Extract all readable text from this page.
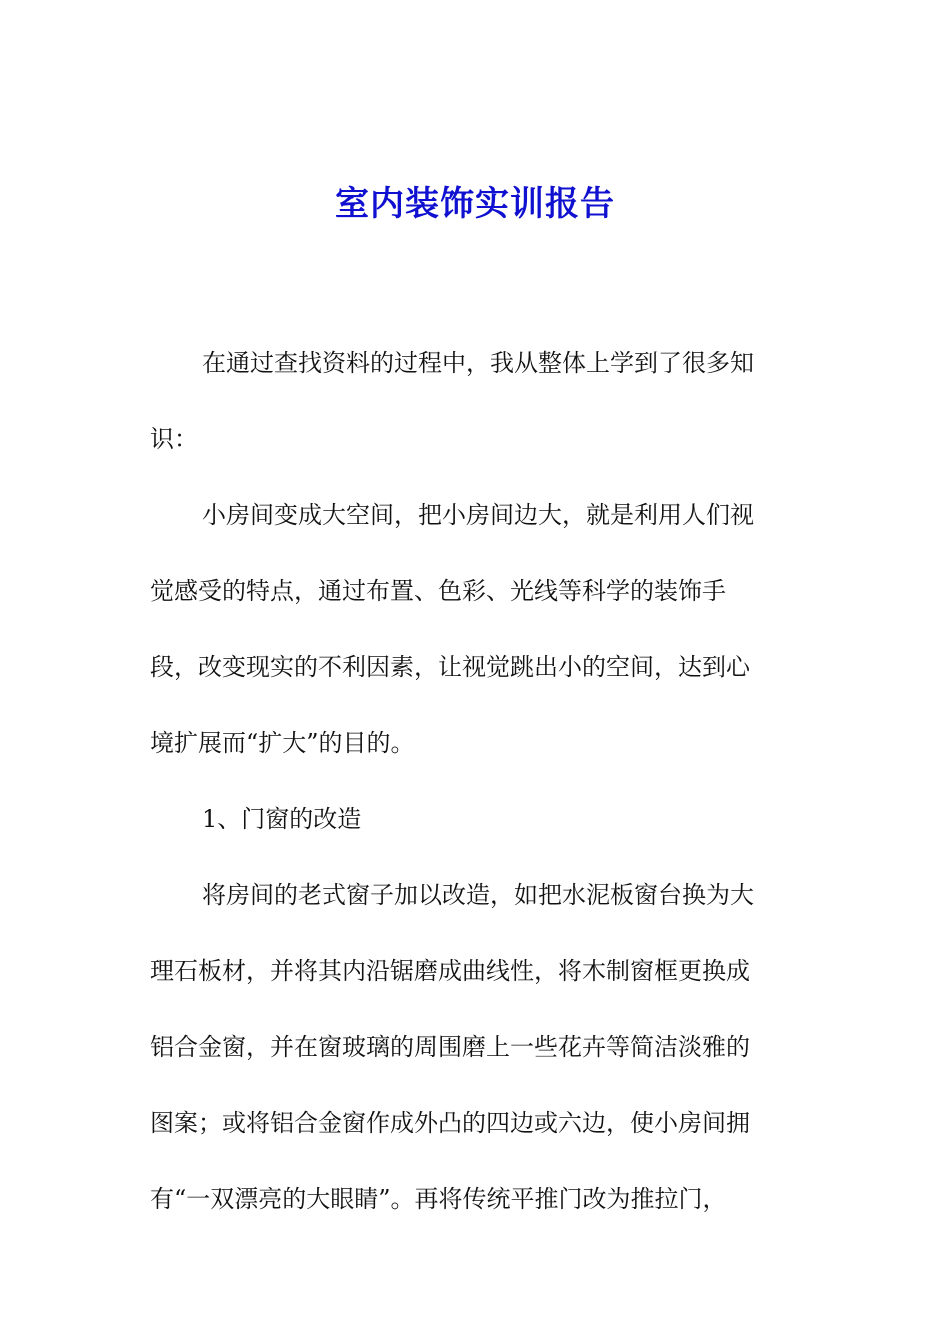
室内装饰实训报告
在通过查找资料的过程中，我从整体上学到了很多知
识：
小房间变成大空间，把小房间边大，就是利用人们视
觉感受的特点，通过布置、色彩、光线等科学的装饰手
段，改变现实的不利因素，让视觉跳出小的空间，达到心
境扩展而“扩大”的目的。
1、门窗的改造
将房间的老式窗子加以改造，如把水泥板窗台换为大
理石板材，并将其内沿锯磨成曲线性，将木制窗框更换成
铝合金窗，并在窗玻璃的周围磨上一些花卉等简洁淡雅的
图案；或将铝合金窗作成外凸的四边或六边，使小房间拥
有“一双漂亮的大眼睛”。再将传统平推门改为推拉门，
